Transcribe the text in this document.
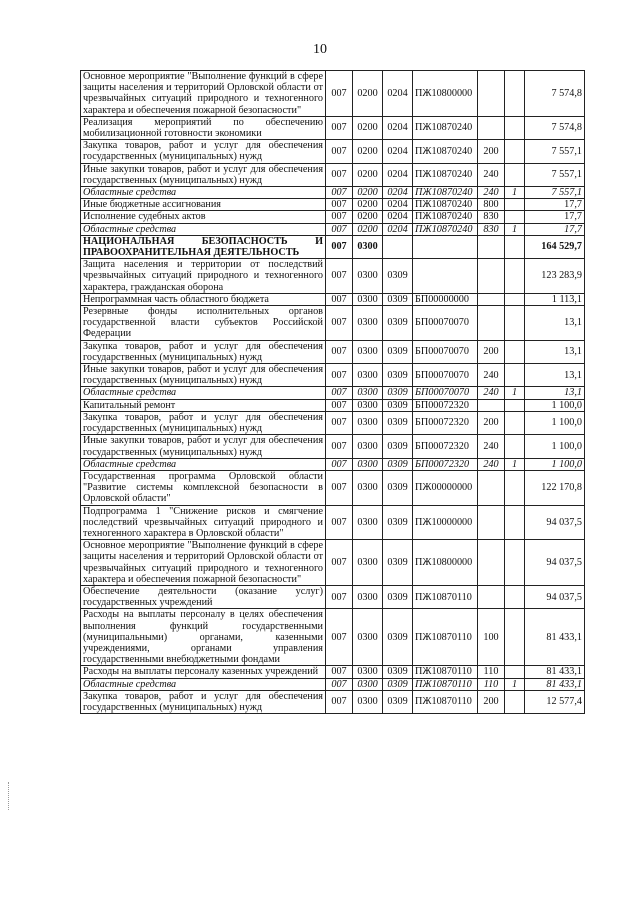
10
Основное мероприятие "Выполнение функций в сфере защиты населения и территорий Орловской области от чрезвычайных ситуаций природного и техногенного характера и обеспечения пожарной безопасности"	007	0200	0204	ПЖ10800000			7 574,8
Реализация мероприятий по обеспечению мобилизационной готовности экономики	007	0200	0204	ПЖ10870240			7 574,8
Закупка товаров, работ и услуг для обеспечения государственных (муниципальных) нужд	007	0200	0204	ПЖ10870240	200		7 557,1
Иные закупки товаров, работ и услуг для обеспечения государственных (муниципальных) нужд	007	0200	0204	ПЖ10870240	240		7 557,1
Областные средства	007	0200	0204	ПЖ10870240	240	1	7 557,1
Иные бюджетные ассигнования	007	0200	0204	ПЖ10870240	800		17,7
Исполнение судебных актов	007	0200	0204	ПЖ10870240	830		17,7
Областные средства	007	0200	0204	ПЖ10870240	830	1	17,7
НАЦИОНАЛЬНАЯ БЕЗОПАСНОСТЬ И ПРАВООХРАНИТЕЛЬНАЯ ДЕЯТЕЛЬНОСТЬ	007	0300					164 529,7
Защита населения и территории от последствий чрезвычайных ситуаций природного и техногенного характера, гражданская оборона	007	0300	0309				123 283,9
Непрограммная часть областного бюджета	007	0300	0309	БП00000000			1 113,1
Резервные фонды исполнительных органов государственной власти субъектов Российской Федерации	007	0300	0309	БП00070070			13,1
Закупка товаров, работ и услуг для обеспечения государственных (муниципальных) нужд	007	0300	0309	БП00070070	200		13,1
Иные закупки товаров, работ и услуг для обеспечения государственных (муниципальных) нужд	007	0300	0309	БП00070070	240		13,1
Областные средства	007	0300	0309	БП00070070	240	1	13,1
Капитальный ремонт	007	0300	0309	БП00072320			1 100,0
Закупка товаров, работ и услуг для обеспечения государственных (муниципальных) нужд	007	0300	0309	БП00072320	200		1 100,0
Иные закупки товаров, работ и услуг для обеспечения государственных (муниципальных) нужд	007	0300	0309	БП00072320	240		1 100,0
Областные средства	007	0300	0309	БП00072320	240	1	1 100,0
Государственная программа Орловской области "Развитие системы комплексной безопасности в Орловской области"	007	0300	0309	ПЖ00000000			122 170,8
Подпрограмма 1 "Снижение рисков и смягчение последствий чрезвычайных ситуаций природного и техногенного характера в Орловской области"	007	0300	0309	ПЖ10000000			94 037,5
Основное мероприятие "Выполнение функций в сфере защиты населения и территорий Орловской области от чрезвычайных ситуаций природного и техногенного характера и обеспечения пожарной безопасности"	007	0300	0309	ПЖ10800000			94 037,5
Обеспечение деятельности (оказание услуг) государственных учреждений	007	0300	0309	ПЖ10870110			94 037,5
Расходы на выплаты персоналу в целях обеспечения выполнения функций государственными (муниципальными) органами, казенными учреждениями, органами управления государственными внебюджетными фондами	007	0300	0309	ПЖ10870110	100		81 433,1
Расходы на выплаты персоналу казенных учреждений	007	0300	0309	ПЖ10870110	110		81 433,1
Областные средства	007	0300	0309	ПЖ10870110	110	1	81 433,1
Закупка товаров, работ и услуг для обеспечения государственных (муниципальных) нужд	007	0300	0309	ПЖ10870110	200		12 577,4
